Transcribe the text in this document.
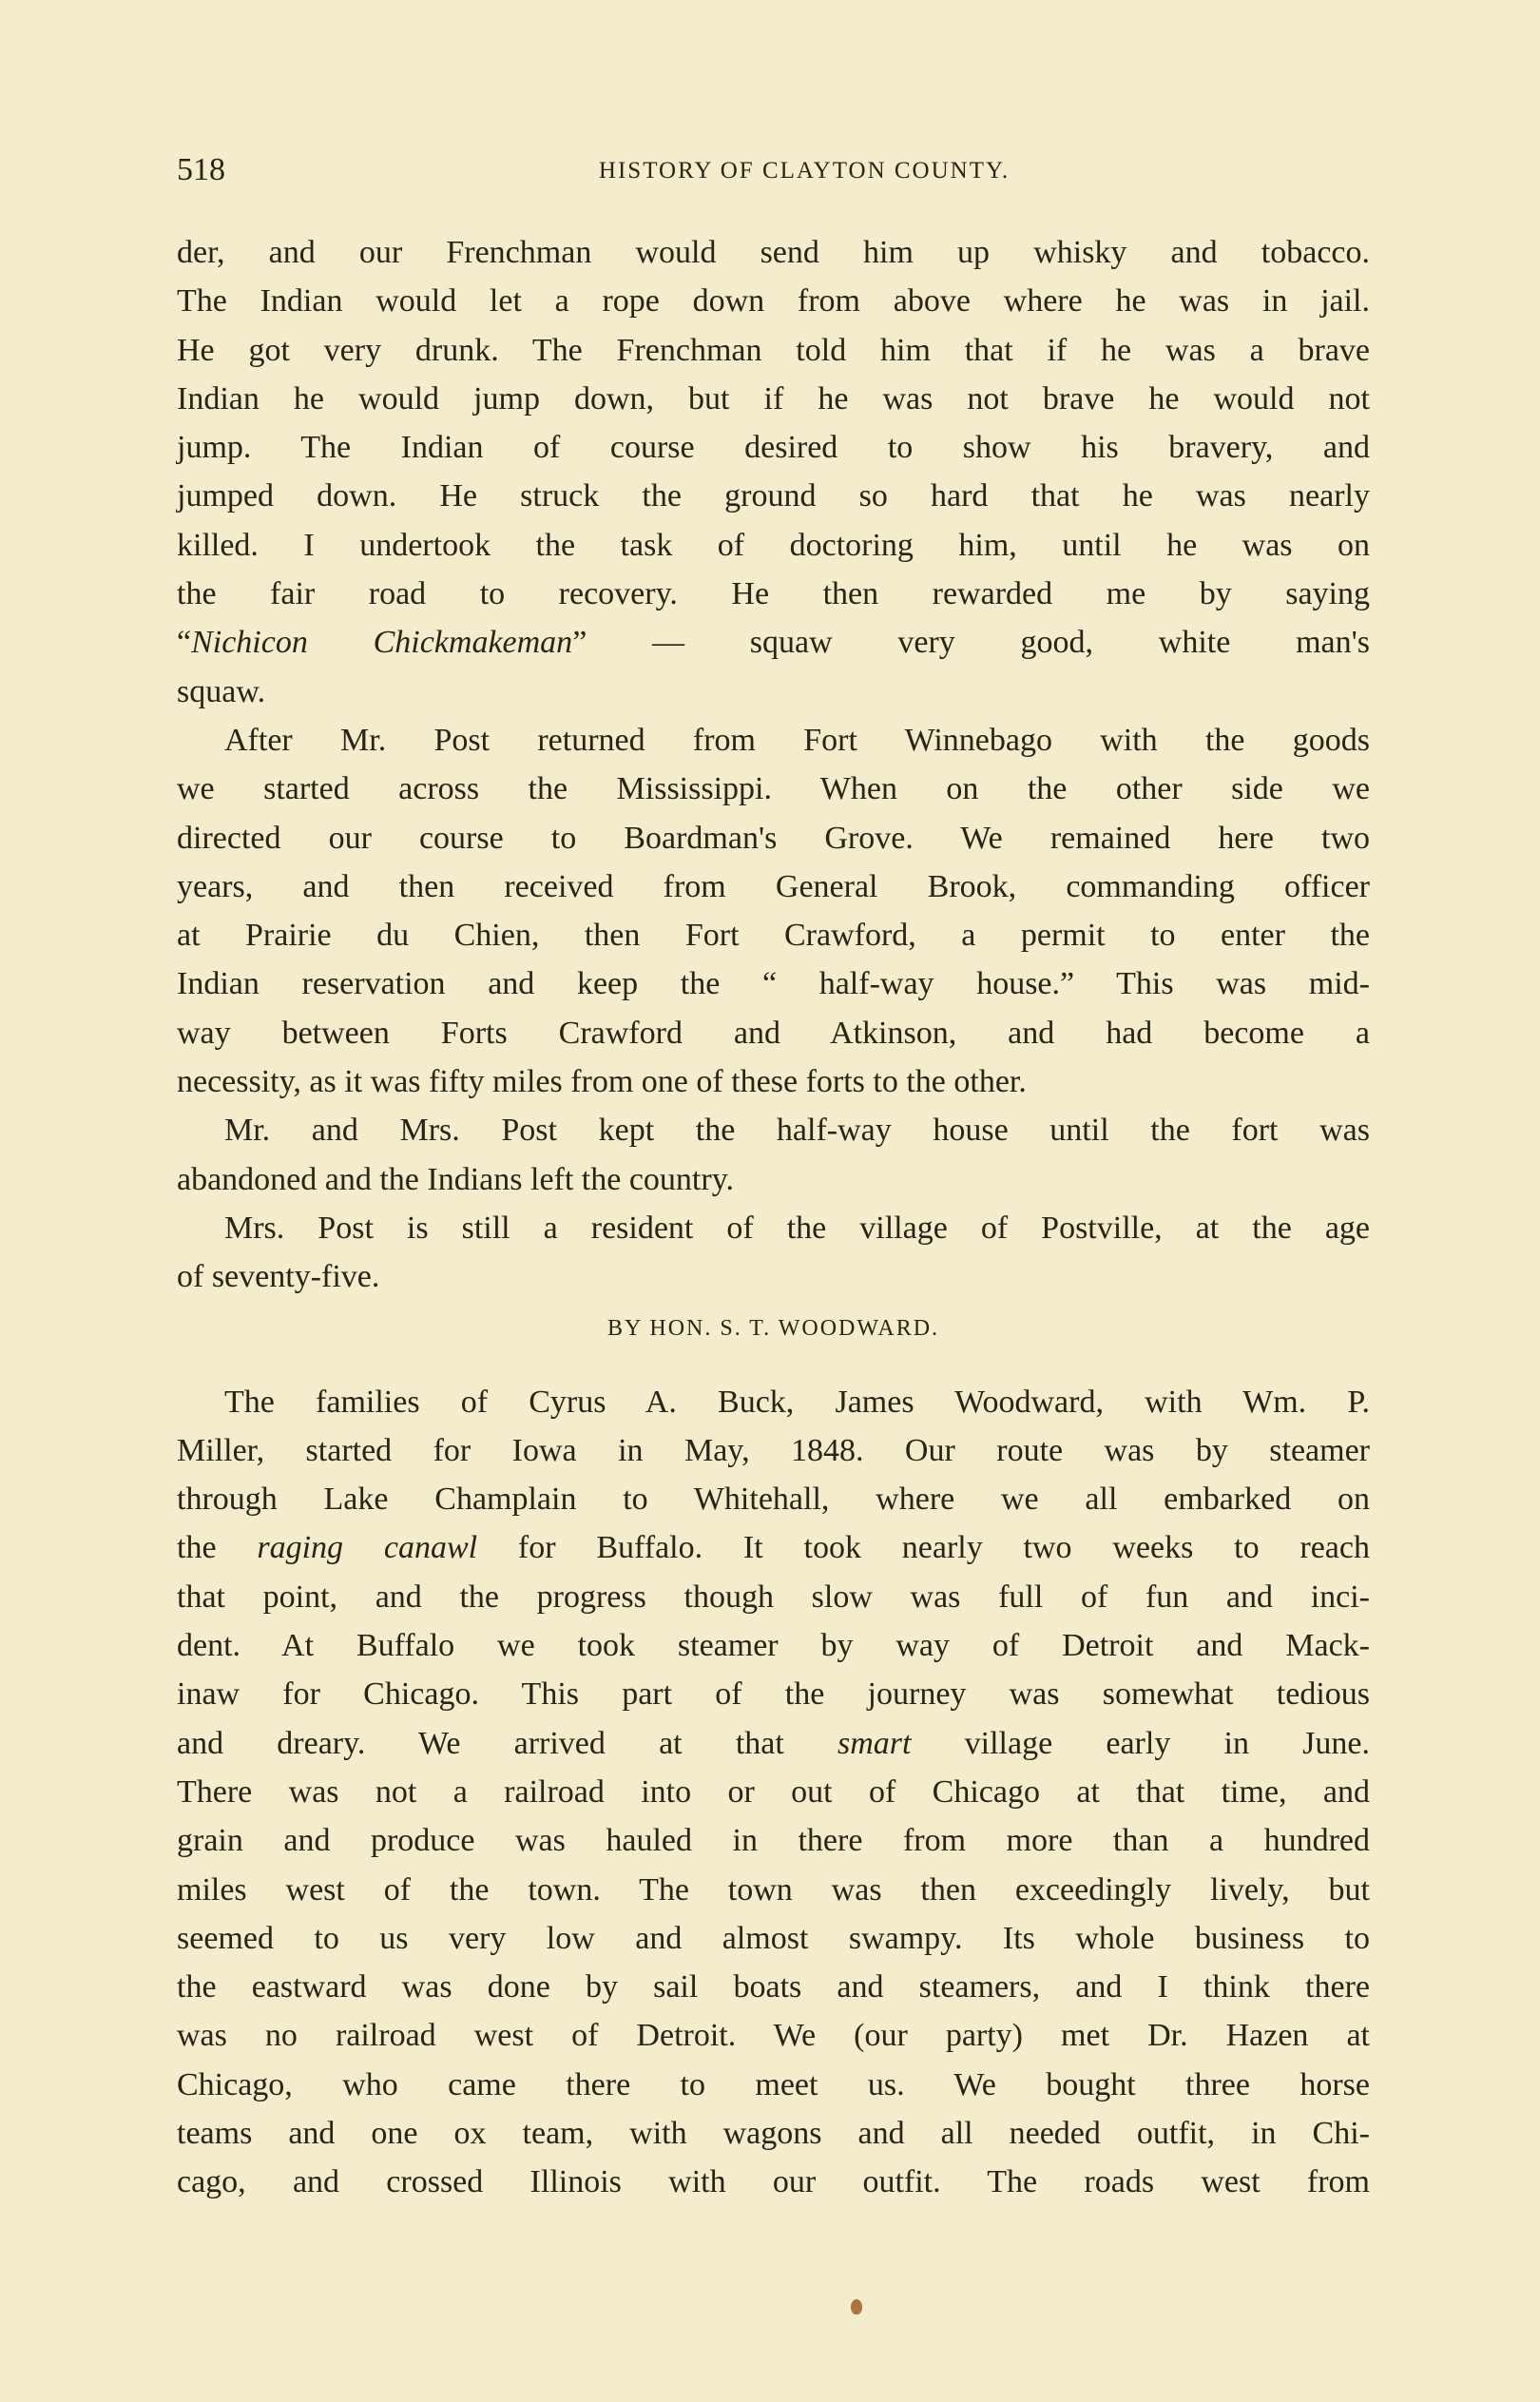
518	HISTORY OF CLAYTON COUNTY.
der, and our Frenchman would send him up whisky and tobacco.
The Indian would let a rope down from above where he was in jail.
He got very drunk. The Frenchman told him that if he was a brave
Indian he would jump down, but if he was not brave he would not
jump. The Indian of course desired to show his bravery, and
jumped down. He struck the ground so hard that he was nearly
killed. I undertook the task of doctoring him, until he was on
the fair road to recovery. He then rewarded me by saying
“Nichicon Chickmakeman” — squaw very good, white man's
squaw.
After Mr. Post returned from Fort Winnebago with the goods
we started across the Mississippi. When on the other side we
directed our course to Boardman's Grove. We remained here two
years, and then received from General Brook, commanding officer
at Prairie du Chien, then Fort Crawford, a permit to enter the
Indian reservation and keep the “ half-way house.” This was mid-
way between Forts Crawford and Atkinson, and had become a
necessity, as it was fifty miles from one of these forts to the other.
Mr. and Mrs. Post kept the half-way house until the fort was
abandoned and the Indians left the country.
Mrs. Post is still a resident of the village of Postville, at the age
of seventy-five.
BY HON. S. T. WOODWARD.
The families of Cyrus A. Buck, James Woodward, with Wm. P.
Miller, started for Iowa in May, 1848. Our route was by steamer
through Lake Champlain to Whitehall, where we all embarked on
the raging canawl for Buffalo. It took nearly two weeks to reach
that point, and the progress though slow was full of fun and inci-
dent. At Buffalo we took steamer by way of Detroit and Mack-
inaw for Chicago. This part of the journey was somewhat tedious
and dreary. We arrived at that smart village early in June.
There was not a railroad into or out of Chicago at that time, and
grain and produce was hauled in there from more than a hundred
miles west of the town. The town was then exceedingly lively, but
seemed to us very low and almost swampy. Its whole business to
the eastward was done by sail boats and steamers, and I think there
was no railroad west of Detroit. We (our party) met Dr. Hazen at
Chicago, who came there to meet us. We bought three horse
teams and one ox team, with wagons and all needed outfit, in Chi-
cago, and crossed Illinois with our outfit. The roads west from
